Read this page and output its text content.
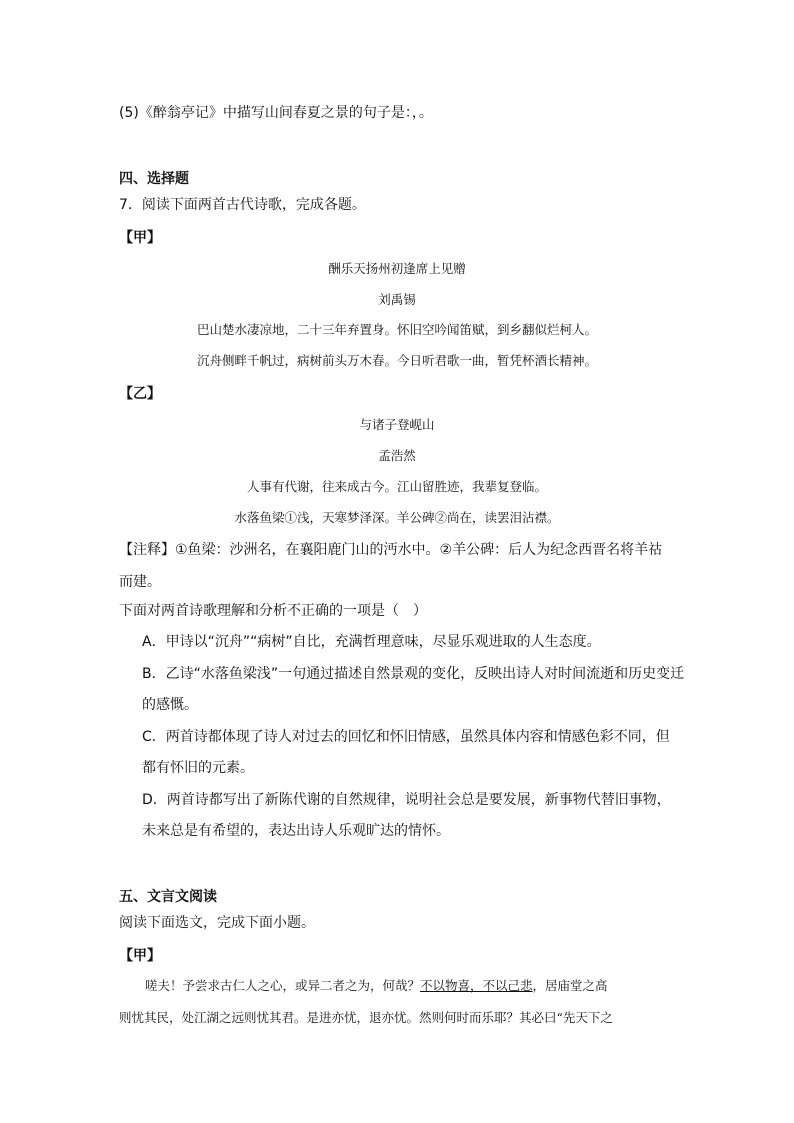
(5)《醉翁亭记》中描写山间春夏之景的句子是：，。
四、选择题
7．阅读下面两首古代诗歌，完成各题。
【甲】
酬乐天扬州初逢席上见赠
刘禹锡
巴山楚水凄凉地，二十三年弃置身。怀旧空吟闻笛赋，到乡翻似烂柯人。
沉舟侧畔千帆过，病树前头万木春。今日听君歌一曲，暂凭杯酒长精神。
【乙】
与诸子登岘山
孟浩然
人事有代谢，往来成古今。江山留胜迹，我辈复登临。
水落鱼梁①浅，天寒梦泽深。羊公碑②尚在，读罢泪沾襟。
【注释】①鱼梁：沙洲名，在襄阳鹿门山的沔水中。②羊公碑：后人为纪念西晋名将羊祜
而建。
下面对两首诗歌理解和分析不正确的一项是（　）
A．甲诗以“沉舟”“病树”自比，充满哲理意味，尽显乐观进取的人生态度。
B．乙诗“水落鱼梁浅”一句通过描述自然景观的变化，反映出诗人对时间流逝和历史变迁
的感慨。
C．两首诗都体现了诗人对过去的回忆和怀旧情感，虽然具体内容和情感色彩不同，但
都有怀旧的元素。
D．两首诗都写出了新陈代谢的自然规律，说明社会总是要发展，新事物代替旧事物，
未来总是有希望的，表达出诗人乐观旷达的情怀。
五、文言文阅读
阅读下面选文，完成下面小题。
【甲】
嗟夫！予尝求古仁人之心，或异二者之为，何哉？不以物喜，不以己悲，居庙堂之高
则忧其民，处江湖之远则忧其君。是进亦忧，退亦忧。然则何时而乐耶？其必曰“先天下之
